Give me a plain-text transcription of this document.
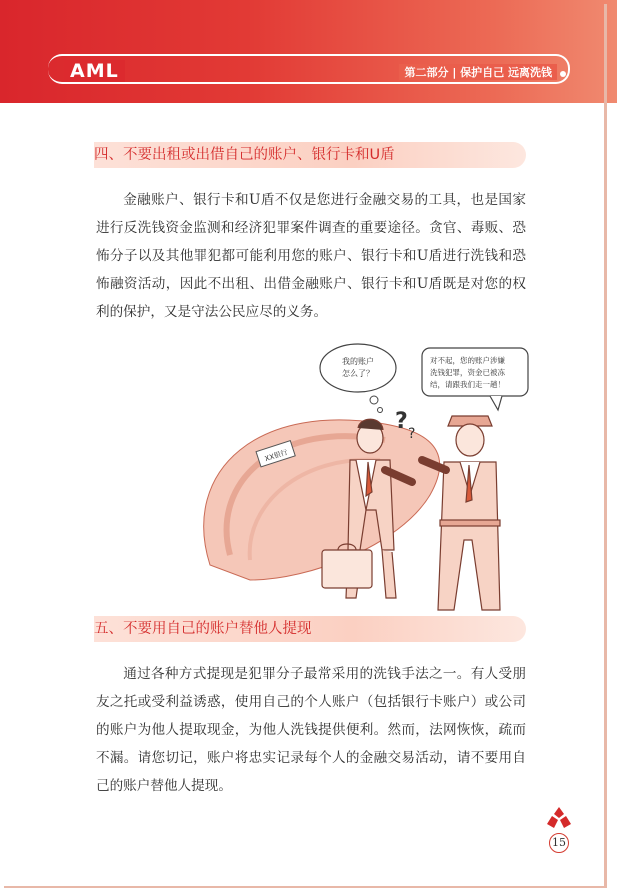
AML	第二部分 | 保护自己 远离洗钱
四、不要出租或出借自己的账户、银行卡和U盾

金融账户、银行卡和U盾不仅是您进行金融交易的工具，也是国家进行反洗钱资金监测和经济犯罪案件调查的重要途径。贪官、毒贩、恐怖分子以及其他罪犯都可能利用您的账户、银行卡和U盾进行洗钱和恐怖融资活动，因此不出租、出借金融账户、银行卡和U盾既是对您的权利的保护，又是守法公民应尽的义务。

XX银行
我的账户
怎么了？
? ?
对不起，您的账户涉嫌
洗钱犯罪，资金已被冻
结，请跟我们走一趟！
五、不要用自己的账户替他人提现

通过各种方式提现是犯罪分子最常采用的洗钱手法之一。有人受朋友之托或受利益诱惑，使用自己的个人账户（包括银行卡账户）或公司的账户为他人提取现金，为他人洗钱提供便利。然而，法网恢恢，疏而不漏。请您切记，账户将忠实记录每个人的金融交易活动，请不要用自己的账户替他人提现。

15
